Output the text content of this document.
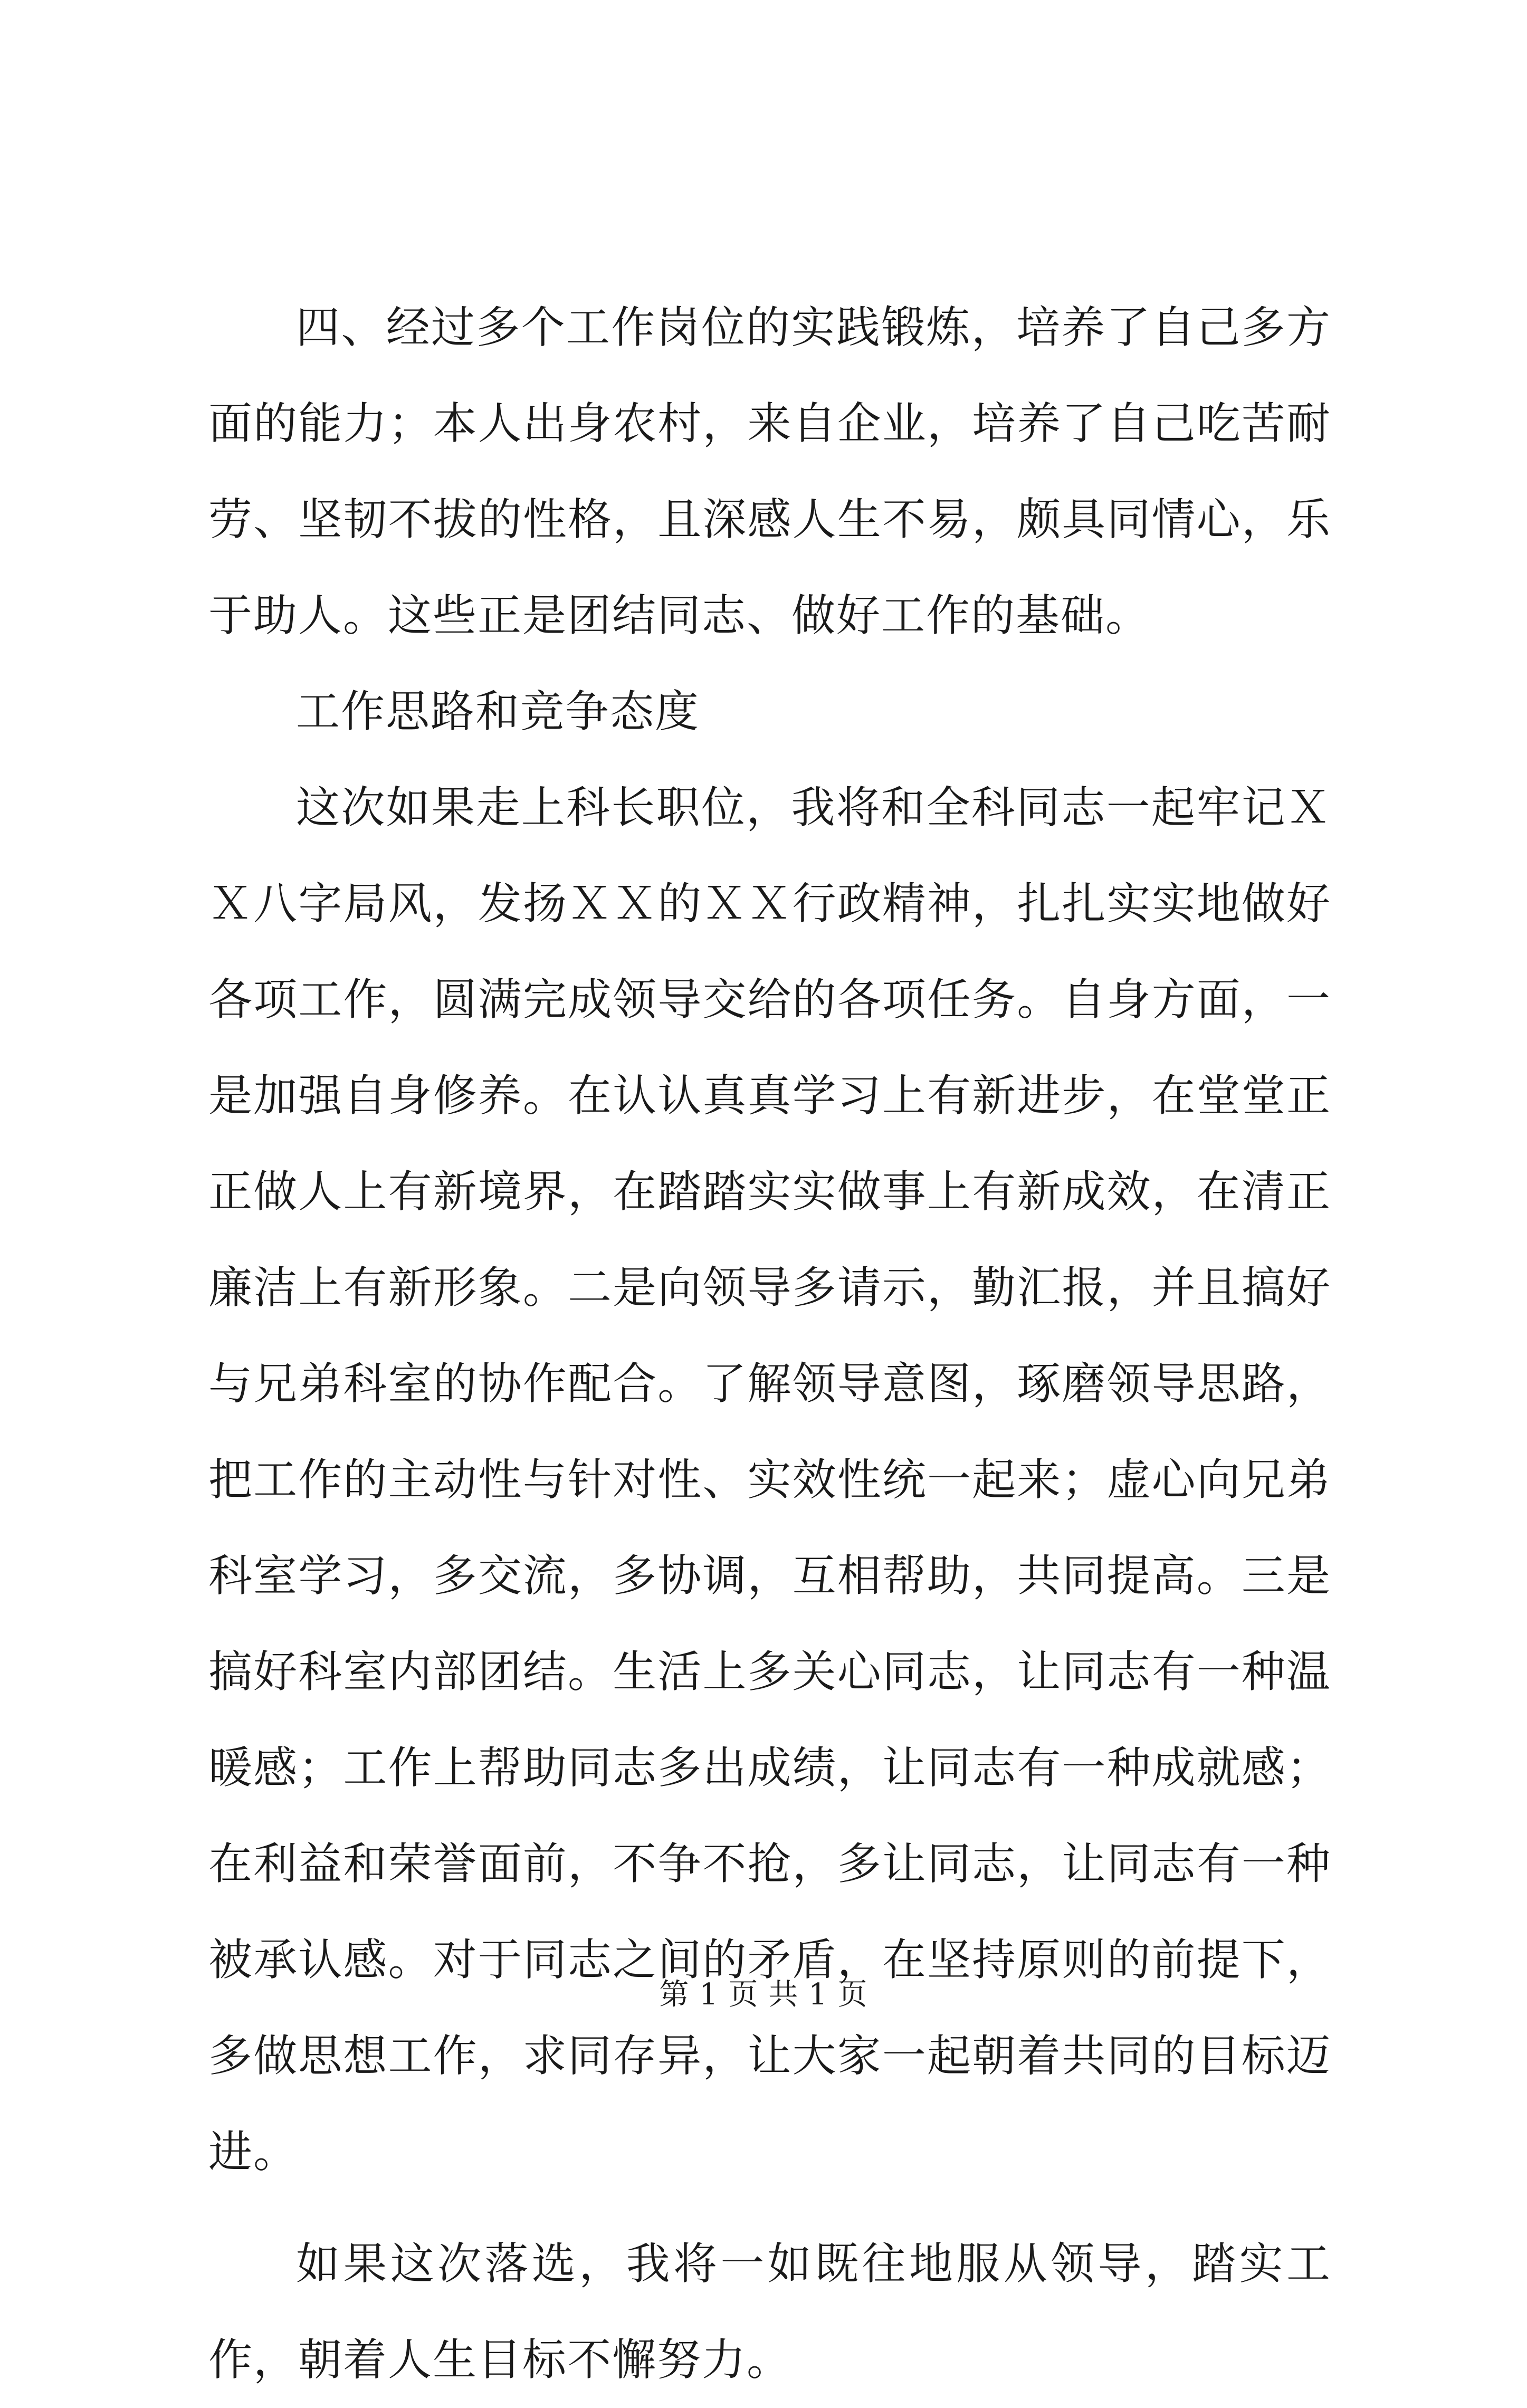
四、经过多个工作岗位的实践锻炼，培养了自己多方面的能力；本人出身农村，来自企业，培养了自己吃苦耐劳、坚韧不拔的性格，且深感人生不易，颇具同情心，乐于助人。这些正是团结同志、做好工作的基础。

工作思路和竞争态度

这次如果走上科长职位，我将和全科同志一起牢记ＸＸ八字局风，发扬ＸＸ的ＸＸ行政精神，扎扎实实地做好各项工作，圆满完成领导交给的各项任务。自身方面，一是加强自身修养。在认认真真学习上有新进步，在堂堂正正做人上有新境界，在踏踏实实做事上有新成效，在清正廉洁上有新形象。二是向领导多请示，勤汇报，并且搞好与兄弟科室的协作配合。了解领导意图，琢磨领导思路，把工作的主动性与针对性、实效性统一起来；虚心向兄弟科室学习，多交流，多协调，互相帮助，共同提高。三是搞好科室内部团结。生活上多关心同志，让同志有一种温暖感；工作上帮助同志多出成绩，让同志有一种成就感；在利益和荣誉面前，不争不抢，多让同志，让同志有一种被承认感。对于同志之间的矛盾，在坚持原则的前提下，多做思想工作，求同存异，让大家一起朝着共同的目标迈进。

如果这次落选，我将一如既往地服从领导，踏实工作，朝着人生目标不懈努力。

第 1 页 共 1 页
